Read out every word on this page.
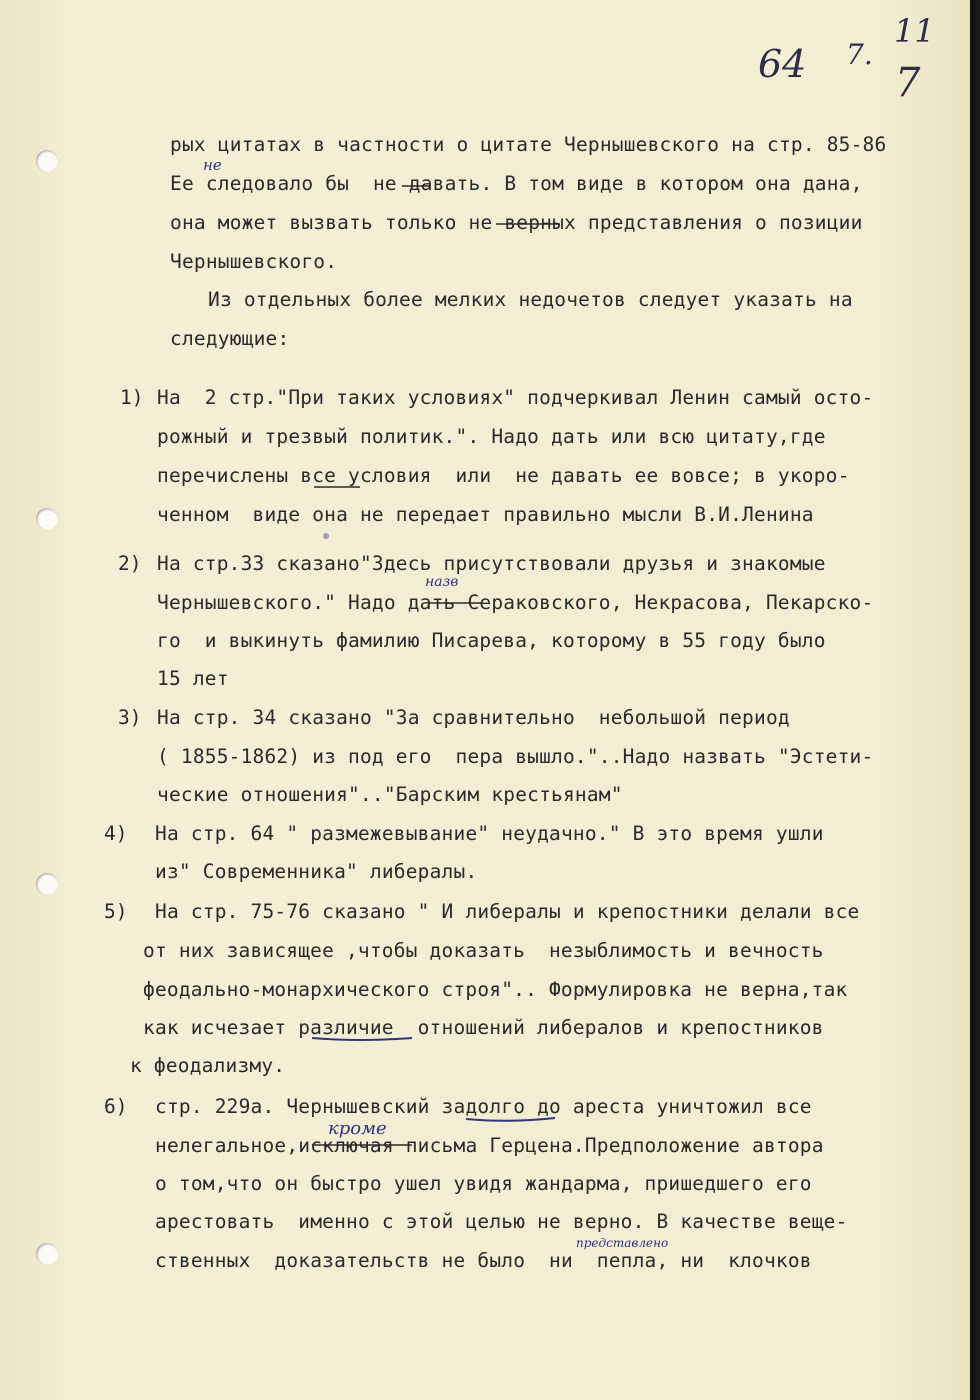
64 7.
11
7
рых цитатах в частности о цитате Чернышевского на стр. 85-86
Ее следовало бы  не давать. В том виде в котором она дана,
она может вызвать только не верных представления о позиции
Чернышевского.
Из отдельных более мелких недочетов следует указать на
следующие:
1) На  2 стр."При таких условиях" подчеркивал Ленин самый осто-
рожный и трезвый политик.". Надо дать или всю цитату,где
перечислены все условия  или  не давать ее вовсе; в укоро-
ченном  виде она не передает правильно мысли В.И.Ленина
2) На стр.33 сказано"Здесь присутствовали друзья и знакомые
Чернышевского." Надо дать Сераковского, Некрасова, Пекарско-
го  и выкинуть фамилию Писарева, которому в 55 году было
15 лет
3) На стр. 34 сказано "За сравнительно  небольшой период
( 1855-1862) из под его  пера вышло."..Надо назвать "Эстети-
ческие отношения".."Барским крестьянам"
4) На стр. 64 " размежевывание" неудачно." В это время ушли
из" Современника" либералы.
5) На стр. 75-76 сказано " И либералы и крепостники делали все
от них зависящее ,чтобы доказать  незыблимость и вечность
феодально-монархического строя".. Формулировка не верна,так
как исчезает различие  отношений либералов и крепостников
к феодализму.
6) стр. 229а. Чернышевский задолго до ареста уничтожил все
нелегальное,исключая письма Герцена.Предположение автора
о том,что он быстро ушел увидя жандарма, пришедшего его
арестовать  именно с этой целью не верно. В качестве веще-
ственных  доказательств не было  ни  пепла, ни  клочков
не
назв
кроме
представлено
